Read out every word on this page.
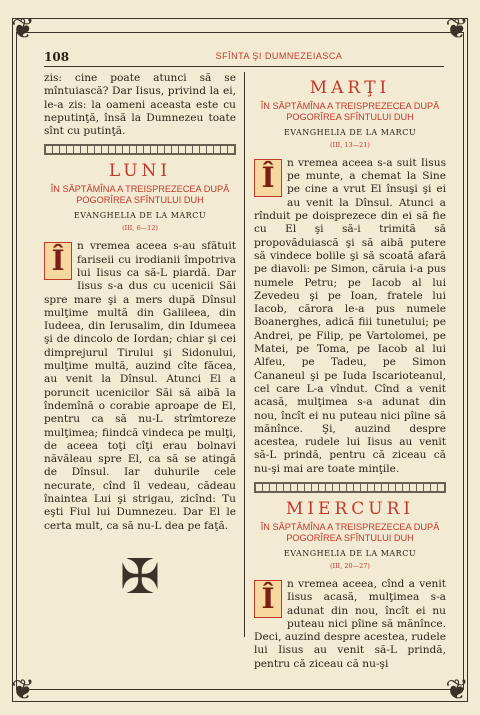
❦	❦
❦	❦
108	SFÎNTA ŞI DUMNEZEIASCA

zis: cine poate atunci să se mîntuiască? Dar Iisus, privind la ei, le-a zis: la oameni aceasta este cu neputinţă, însă la Dumnezeu toate sînt cu putinţă.

LUNI
ÎN SĂPTĂMÎNA A TREISPREZECEA DUPĂ POGORÎREA SFÎNTULUI DUH
EVANGHELIA DE LA MARCU
(III, 6—12)
Î	n vremea aceea s-au sfătuit fariseii cu irodianii împotriva lui Iisus ca să-L piardă. Dar Iisus s-a dus cu ucenicii Săi spre mare şi a mers după Dînsul mulţime multă din Galileea, din Iudeea, din Ierusalim, din Idumeea şi de dincolo de Iordan; chiar şi cei dimprejurul Tirului şi Sidonului, mulţime multă, auzind cîte făcea, au venit la Dînsul. Atunci El a poruncit ucenicilor Săi să aibă la îndemînă o corabie aproape de El, pentru ca să nu-L strîmtoreze mulţimea; fiindcă vindeca pe mulţi, de aceea toţi cîţi erau bolnavi năvăleau spre El, ca să se atingă de Dînsul. Iar duhurile cele necurate, cînd îl vedeau, cădeau înaintea Lui şi strigau, zicînd: Tu eşti Fiul lui Dumnezeu. Dar El le certa mult, ca să nu-L dea pe faţă.

✠
MARŢI
ÎN SĂPTĂMÎNA A TREISPREZECEA DUPĂ POGORÎREA SFÎNTULUI DUH
EVANGHELIA DE LA MARCU
(III, 13—21)
Î	n vremea aceea s-a suit Iisus pe munte, a chemat la Sine pe cine a vrut El însuşi şi ei au venit la Dînsul. Atunci a rînduit pe doisprezece din ei să fie cu El şi să-i trimită să propovăduiască şi să aibă putere să vindece bolile şi să scoată afară pe diavoli: pe Simon, căruia i-a pus numele Petru; pe Iacob al lui Zevedeu şi pe Ioan, fratele lui Iacob, cărora le-a pus numele Boanerghes, adică fiii tunetului; pe Andrei, pe Filip, pe Vartolomei, pe Matei, pe Toma, pe Iacob al lui Alfeu, pe Tadeu, pe Simon Cananeul şi pe Iuda Iscarioteanul, cel care L-a vîndut. Cînd a venit acasă, mulţimea s-a adunat din nou, încît ei nu puteau nici pîine să mănînce. Şi, auzind despre acestea, rudele lui Iisus au venit să-L prindă, pentru că ziceau că nu-şi mai are toate minţile.

MIERCURI
ÎN SĂPTĂMÎNA A TREISPREZECEA DUPĂ POGORÎREA SFÎNTULUI DUH
EVANGHELIA DE LA MARCU
(III, 20—27)
Î	n vremea aceea, cînd a venit Iisus acasă, mulţimea s-a adunat din nou, încît ei nu puteau nici pîine să mănînce. Deci, auzind despre acestea, rudele lui Iisus au venit să-L prindă, pentru că ziceau că nu-şi
